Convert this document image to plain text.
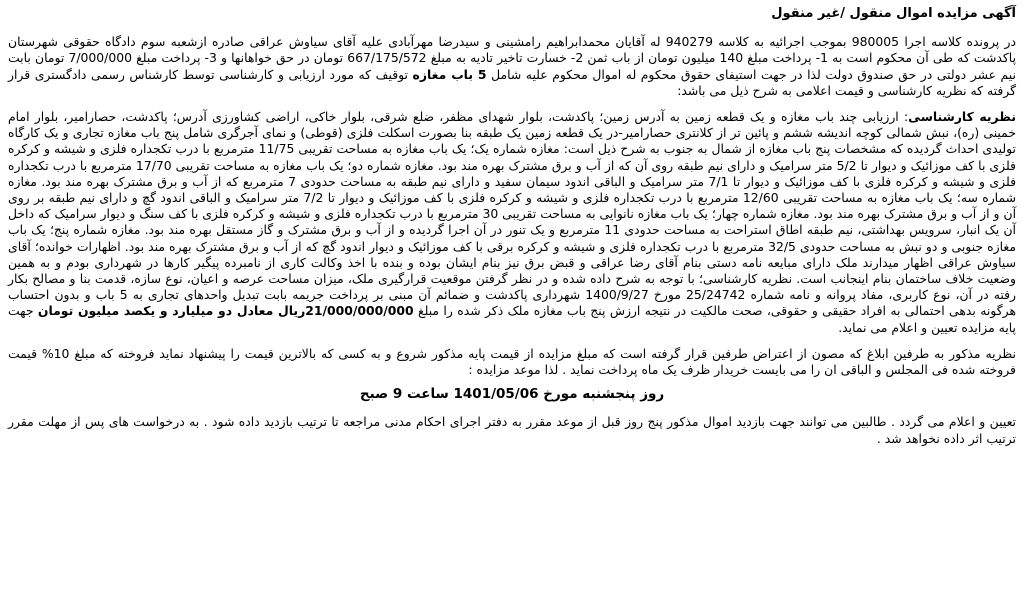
آگهی مزایده اموال منقول /غیر منقول

در پرونده کلاسه اجرا 980005 بموجب اجرائیه به کلاسه 940279 له آقایان محمدابراهیم رامشینی و سیدرضا مهرآبادی علیه آقای سیاوش عراقی صادره ازشعبه سوم دادگاه حقوقی شهرستان پاکدشت که طی آن محکوم است به 1- پرداخت مبلغ 140 میلیون تومان از باب ثمن 2- خسارت تاخیر تادیه به مبلغ 667/175/572 تومان در حق خواهانها و 3- پرداخت مبلغ 7/000/000 تومان بابت نیم عشر دولتی در حق صندوق دولت لذا در جهت استیفای حقوق محکوم له اموال محکوم علیه شامل 5 باب مغازه توقیف که مورد ارزیابی و کارشناسی توسط کارشناس رسمی دادگستری قرار گرفته که نظریه کارشناسی و قیمت اعلامی به شرح ذیل می باشد:

نظریه کارشناسی: ارزیابی چند باب مغازه و یک قطعه زمین به آدرس زمین؛ پاکدشت، بلوار شهدای مظفر، ضلع شرقی، بلوار خاکی، اراضی کشاورزی آدرس؛ پاکدشت، حصارامیر، بلوار امام خمینی (ره)، نبش شمالی کوچه اندیشه ششم و پائین تر از کلانتری حصارامیر-در یک قطعه زمین یک طبقه بنا بصورت اسکلت فلزی (قوطی) و نمای آجرگری شامل پنج باب مغازه تجاری و یک کارگاه تولیدی احداث گردیده که مشخصات پنج باب مغازه از شمال به جنوب به شرح ذیل است: مغازه شماره یک؛ یک باب مغازه به مساحت تقریبی 11/75 مترمربع با درب تکجداره فلزی و شیشه و کرکره فلزی با کف موزائیک و دیوار تا 5/2 متر سرامیک و دارای نیم طبقه روی آن که از آب و برق مشترک بهره مند بود. مغازه شماره دو؛ یک باب مغازه به مساحت تقریبی 17/70 مترمربع با درب تکجداره فلزی و شیشه و کرکره فلزی با کف موزائیک و دیوار تا 7/1 متر سرامیک و الباقی اندود سیمان سفید و دارای نیم طبقه به مساحت حدودی 7 مترمربع که از آب و برق مشترک بهره مند بود. مغازه شماره سه؛ یک باب مغازه به مساحت تقریبی 12/60 مترمربع با درب تکجداره فلزی و شیشه و کرکره فلزی با کف موزائیک و دیوار تا 7/2 متر سرامیک و الباقی اندود گچ و دارای نیم طبقه بر روی آن و از آب و برق مشترک بهره مند بود. مغازه شماره چهار؛ یک باب مغازه نانوایی به مساحت تقریبی 30 مترمربع با درب تکجداره فلزی و شیشه و کرکره فلزی با کف سنگ و دیوار سرامیک که داخل آن یک انبار، سرویس بهداشتی، نیم طبقه اطاق استراحت به مساحت حدودی 11 مترمربع و یک تنور در آن اجرا گردیده و از آب و برق مشترک و گاز مستقل بهره مند بود. مغازه شماره پنج؛ یک باب مغازه جنوبی و دو نبش به مساحت حدودی 32/5 مترمربع با درب تکجداره فلزی و شیشه و کرکره برقی با کف موزائیک و دیوار اندود گچ که از آب و برق مشترک بهره مند بود. اظهارات خوانده؛ آقای سیاوش عراقی اظهار میدارند ملک دارای مبایعه نامه دستی بنام آقای رضا عراقی و قبض برق نیز بنام ایشان بوده و بنده با اخذ وکالت کاری از نامبرده پیگیر کارها در شهرداری بودم و به همین وضعیت خلاف ساختمان بنام اینجانب است. نظریه کارشناسی؛ با توجه به شرح داده شده و در نظر گرفتن موقعیت قرارگیری ملک، میزان مساحت عرصه و اعیان، نوع سازه، قدمت بنا و مصالح بکار رفته در آن، نوع کاربری، مفاد پروانه و نامه شماره 25/24742 مورخ 1400/9/27 شهرداری پاکدشت و ضمائم آن مبنی بر پرداخت جریمه بابت تبدیل واحدهای تجاری به 5 باب و بدون احتساب هرگونه بدهی احتمالی به افراد حقیقی و حقوقی، صحت مالکیت در نتیجه ارزش پنج باب مغازه ملک ذکر شده را مبلغ 21/000/000/000ریال معادل دو میلیارد و یکصد میلیون تومان جهت پایه مزایده تعیین و اعلام می نماید.

نظریه مذکور به طرفین ابلاغ که مصون از اعتراض طرفین قرار گرفته است که مبلغ مزایده از قیمت پایه مذکور شروع و به کسی که بالاترین قیمت را پیشنهاد نماید فروخته که مبلغ 10% قیمت فروخته شده فی المجلس و الباقی ان را می بایست خریدار ظرف یک ماه پرداخت نماید . لذا موعد مزایده :

روز پنجشنبه مورخ 1401/05/06 ساعت 9 صبح

تعیین و اعلام می گردد . طالبین می توانند جهت بازدید اموال مذکور پنج روز قبل از موعد مقرر به دفتر اجرای احکام مدنی مراجعه تا ترتیب بازدید داده شود . به درخواست های پس از مهلت مقرر ترتیب اثر داده نخواهد شد .
